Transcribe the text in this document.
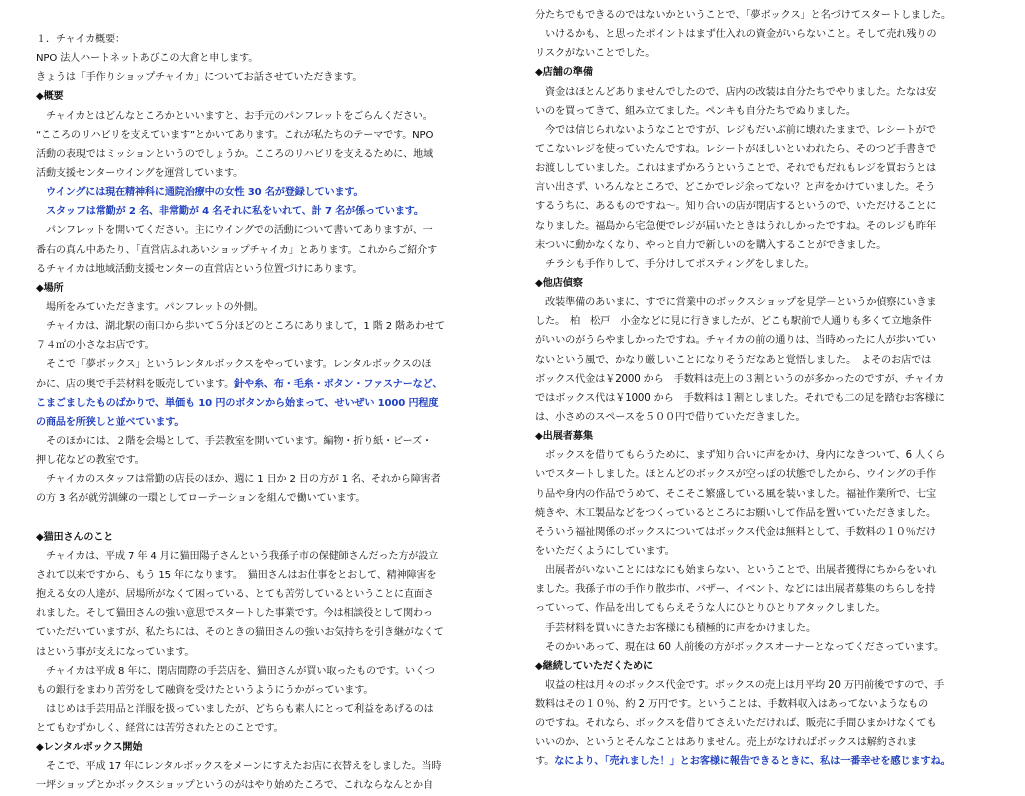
１．チャイカ概要：
NPO 法人ハートネットあびこの大倉と申します。
きょうは「手作りショップチャイカ」についてお話させていただきます。
◆概要
チャイカとはどんなところかといいますと、お手元のパンフレットをごらんください。
“こころのリハビリを支えています”とかいてあります。これが私たちのテーマです。NPO
活動の表現ではミッションというのでしょうか。こころのリハビリを支えるために、地域
活動支援センターウイングを運営しています。
ウイングには現在精神科に通院治療中の女性 30 名が登録しています。
スタッフは常勤が 2 名、非常勤が 4 名それに私をいれて、計 7 名が係っています。
パンフレットを開いてください。主にウイングでの活動について書いてありますが、一
番右の真ん中あたり、「直営店ふれあいショップチャイカ」とあります。これからご紹介す
るチャイカは地域活動支援センターの直営店という位置づけにあります。
◆場所
場所をみていただきます。パンフレットの外側。
チャイカは、湖北駅の南口から歩いて５分ほどのところにありまして，1 階 2 階あわせて
７４㎡の小さなお店です。
そこで「夢ボックス」というレンタルボックスをやっています。レンタルボックスのほ
かに、店の奥で手芸材料を販売しています。針や糸、布・毛糸・ボタン・ファスナーなど、
こまごましたものばかりで、単価も 10 円のボタンから始まって、せいぜい 1000 円程度
の商品を所狭しと並べています。
そのほかには、２階を会場として、手芸教室を開いています。編物・折り紙・ビーズ・
押し花などの教室です。
チャイカのスタッフは常勤の店長のほか、週に 1 日か 2 日の方が 1 名、それから障害者
の方 3 名が就労訓練の一環としてローテーションを組んで働いています。
◆猫田さんのこと
チャイカは、平成 7 年 4 月に猫田陽子さんという我孫子市の保健師さんだった方が設立
されて以来ですから、もう 15 年になります。　猫田さんはお仕事をとおして、精神障害を
抱える女の人達が、居場所がなくて困っている、とても苦労しているということに直面さ
れました。そして猫田さんの強い意思でスタートした事業です。今は相談役として関わっ
ていただいていますが、私たちには、そのときの猫田さんの強いお気持ちを引き継がなくて
はという事が支えになっています。
チャイカは平成 8 年に、閉店間際の手芸店を、猫田さんが買い取ったものです。いくつ
もの銀行をまわり苦労をして融資を受けたというようにうかがっています。
はじめは手芸用品と洋服を扱っていましたが、どちらも素人にとって利益をあげるのは
とてもむずかしく、経営には苦労されたとのことです。
◆レンタルボックス開始
そこで、平成 17 年にレンタルボックスをメーンにすえたお店に衣替えをしました。当時
一坪ショップとかボックスショップというのがはやり始めたころで、これならなんとか自
分たちでもできるのではないかということで、「夢ボックス」と名づけてスタートしました。
いけるかも、と思ったポイントはまず仕入れの資金がいらないこと。そして売れ残りの
リスクがないことでした。
◆店舗の準備
資金はほとんどありませんでしたので、店内の改装は自分たちでやりました。たなは安
いのを買ってきて、組み立てました。ペンキも自分たちでぬりました。
今では信じられないようなことですが、レジもだいぶ前に壊れたままで、レシートがで
てこないレジを使っていたんですね。レシートがほしいといわれたら、そのつど手書きで
お渡ししていました。これはまずかろうということで、それでもだれもレジを買おうとは
言い出さず、いろんなところで、どこかでレジ余ってない？と声をかけていました。そう
するうちに、あるものですね～。知り合いの店が閉店するというので、いただけることに
なりました。福島から宅急便でレジが届いたときはうれしかったですね。そのレジも昨年
末ついに動かなくなり、やっと自力で新しいのを購入することができました。
チラシも手作りして、手分けしてポスティングをしました。
◆他店偵察
改装準備のあいまに、すでに営業中のボックスショップを見学－というか偵察にいきま
した。　柏　松戸　小金などに見に行きましたが、どこも駅前で人通りも多くて立地条件
がいいのがうらやましかったですね。チャイカの前の通りは、当時めったに人が歩いてい
ないという風で、かなり厳しいことになりそうだなあと覚悟しました。　よそのお店では
ボックス代金は￥2000 から　手数料は売上の３割というのが多かったのですが、チャイカ
ではボックス代は￥1000 から　手数料は１割としました。それでも二の足を踏むお客様に
は、小さめのスペースを５００円で借りていただきました。
◆出展者募集
ボックスを借りてもらうために、まず知り合いに声をかけ、身内になきついて、6 人くら
いでスタートしました。ほとんどのボックスが空っぽの状態でしたから、ウイングの手作
り品や身内の作品でうめて、そこそこ繁盛している風を装いました。福祉作業所で、七宝
焼きや、木工製品などをつくっているところにお願いして作品を置いていただきました。
そういう福祉関係のボックスについてはボックス代金は無料として、手数料の１０％だけ
をいただくようにしています。
出展者がいないことにはなにも始まらない、ということで、出展者獲得にちからをいれ
ました。我孫子市の手作り散歩市、バザー、イベント、などには出展者募集のちらしを持
っていって、作品を出してもらえそうな人にひとりひとりアタックしました。
手芸材料を買いにきたお客様にも積極的に声をかけました。
そのかいあって、現在は 60 人前後の方がボックスオーナーとなってくださっています。
◆継続していただくために
収益の柱は月々のボックス代金です。ボックスの売上は月平均 20 万円前後ですので、手
数料はその１０％、約 2 万円です。ということは、手数料収入はあってないようなもの
のですね。それなら、ボックスを借りてさえいただければ、販売に手間ひまかけなくても
いいのか、というとそんなことはありません。売上がなければボックスは解約されま
す。なにより、「売れました！」とお客様に報告できるときに、私は一番幸せを感じますね。
